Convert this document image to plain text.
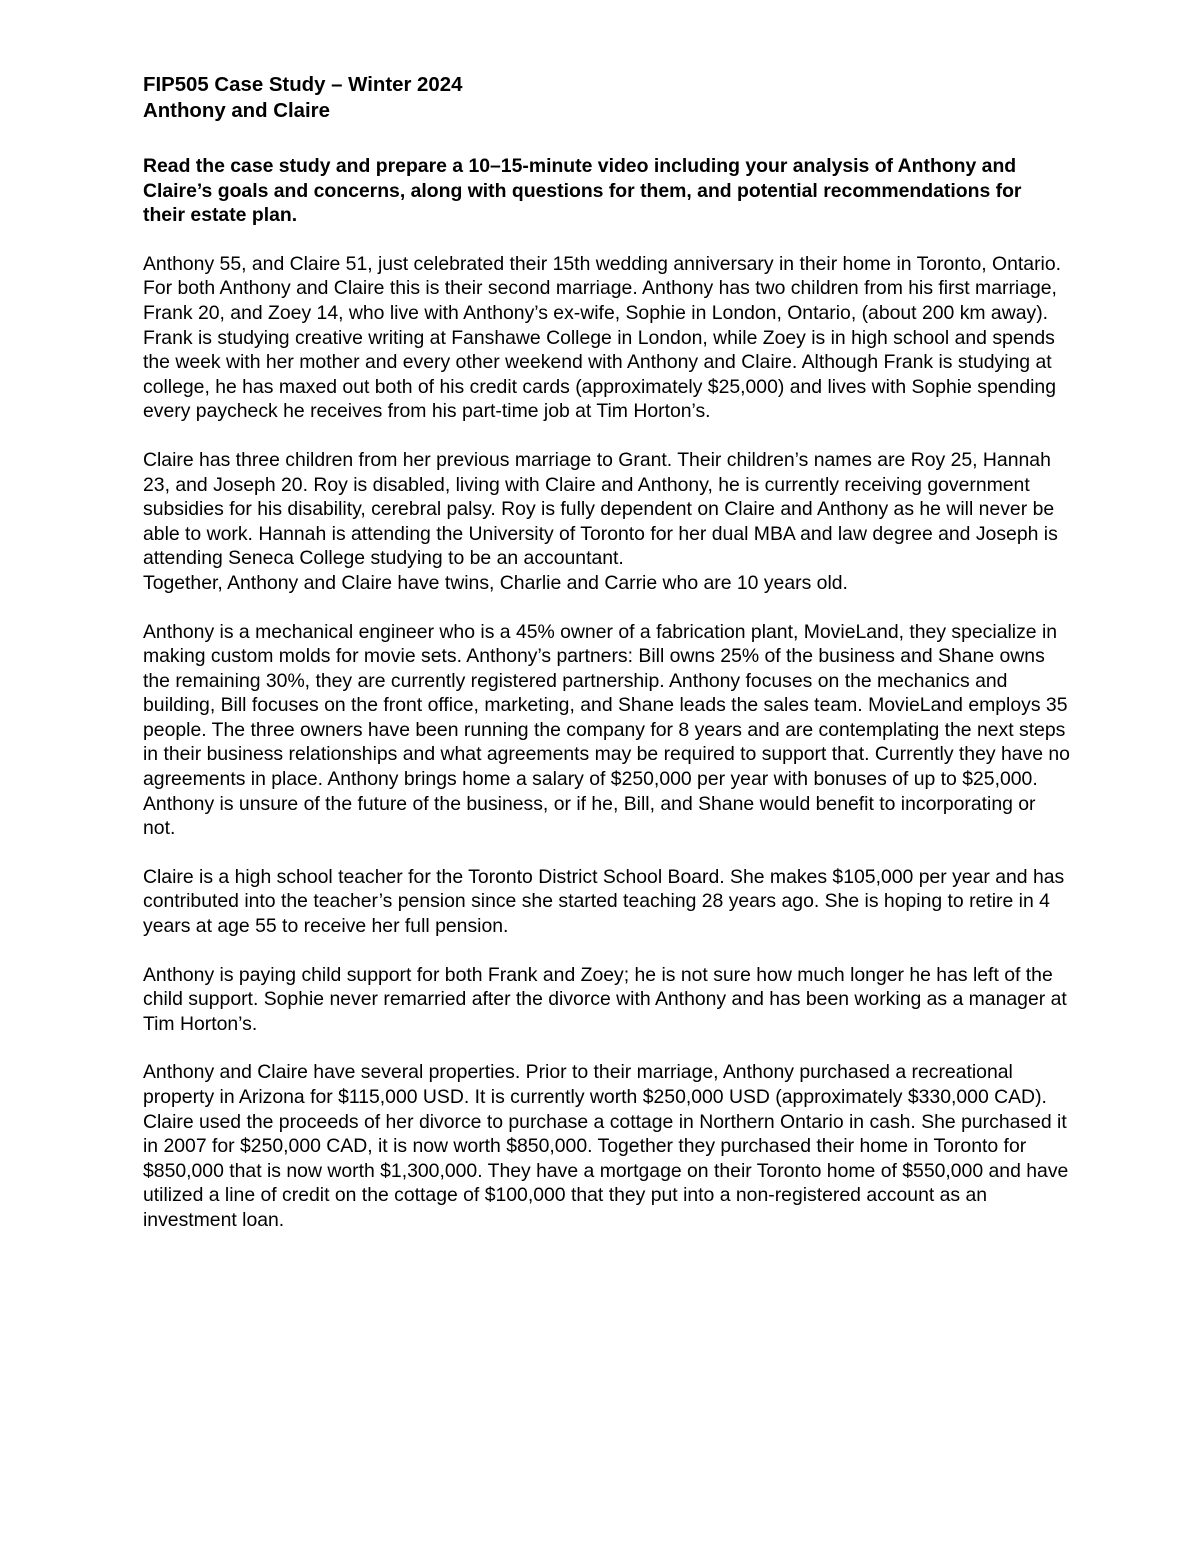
FIP505 Case Study – Winter 2024
Anthony and Claire

Read the case study and prepare a 10–15-minute video including your analysis of Anthony and Claire’s goals and concerns, along with questions for them, and potential recommendations for their estate plan.

Anthony 55, and Claire 51, just celebrated their 15th wedding anniversary in their home in Toronto, Ontario. For both Anthony and Claire this is their second marriage. Anthony has two children from his first marriage, Frank 20, and Zoey 14, who live with Anthony’s ex-wife, Sophie in London, Ontario, (about 200 km away). Frank is studying creative writing at Fanshawe College in London, while Zoey is in high school and spends the week with her mother and every other weekend with Anthony and Claire. Although Frank is studying at college, he has maxed out both of his credit cards (approximately $25,000) and lives with Sophie spending every paycheck he receives from his part-time job at Tim Horton’s.

Claire has three children from her previous marriage to Grant. Their children’s names are Roy 25, Hannah 23, and Joseph 20. Roy is disabled, living with Claire and Anthony, he is currently receiving government subsidies for his disability, cerebral palsy. Roy is fully dependent on Claire and Anthony as he will never be able to work. Hannah is attending the University of Toronto for her dual MBA and law degree and Joseph is attending Seneca College studying to be an accountant.

Together, Anthony and Claire have twins, Charlie and Carrie who are 10 years old.

Anthony is a mechanical engineer who is a 45% owner of a fabrication plant, MovieLand, they specialize in making custom molds for movie sets. Anthony’s partners: Bill owns 25% of the business and Shane owns the remaining 30%, they are currently registered partnership. Anthony focuses on the mechanics and building, Bill focuses on the front office, marketing, and Shane leads the sales team. MovieLand employs 35 people. The three owners have been running the company for 8 years and are contemplating the next steps in their business relationships and what agreements may be required to support that. Currently they have no agreements in place. Anthony brings home a salary of $250,000 per year with bonuses of up to $25,000. Anthony is unsure of the future of the business, or if he, Bill, and Shane would benefit to incorporating or not.

Claire is a high school teacher for the Toronto District School Board. She makes $105,000 per year and has contributed into the teacher’s pension since she started teaching 28 years ago. She is hoping to retire in 4 years at age 55 to receive her full pension.

Anthony is paying child support for both Frank and Zoey; he is not sure how much longer he has left of the child support. Sophie never remarried after the divorce with Anthony and has been working as a manager at Tim Horton’s.

Anthony and Claire have several properties. Prior to their marriage, Anthony purchased a recreational property in Arizona for $115,000 USD. It is currently worth $250,000 USD (approximately $330,000 CAD). Claire used the proceeds of her divorce to purchase a cottage in Northern Ontario in cash. She purchased it in 2007 for $250,000 CAD, it is now worth $850,000. Together they purchased their home in Toronto for $850,000 that is now worth $1,300,000. They have a mortgage on their Toronto home of $550,000 and have utilized a line of credit on the cottage of $100,000 that they put into a non-registered account as an investment loan.
